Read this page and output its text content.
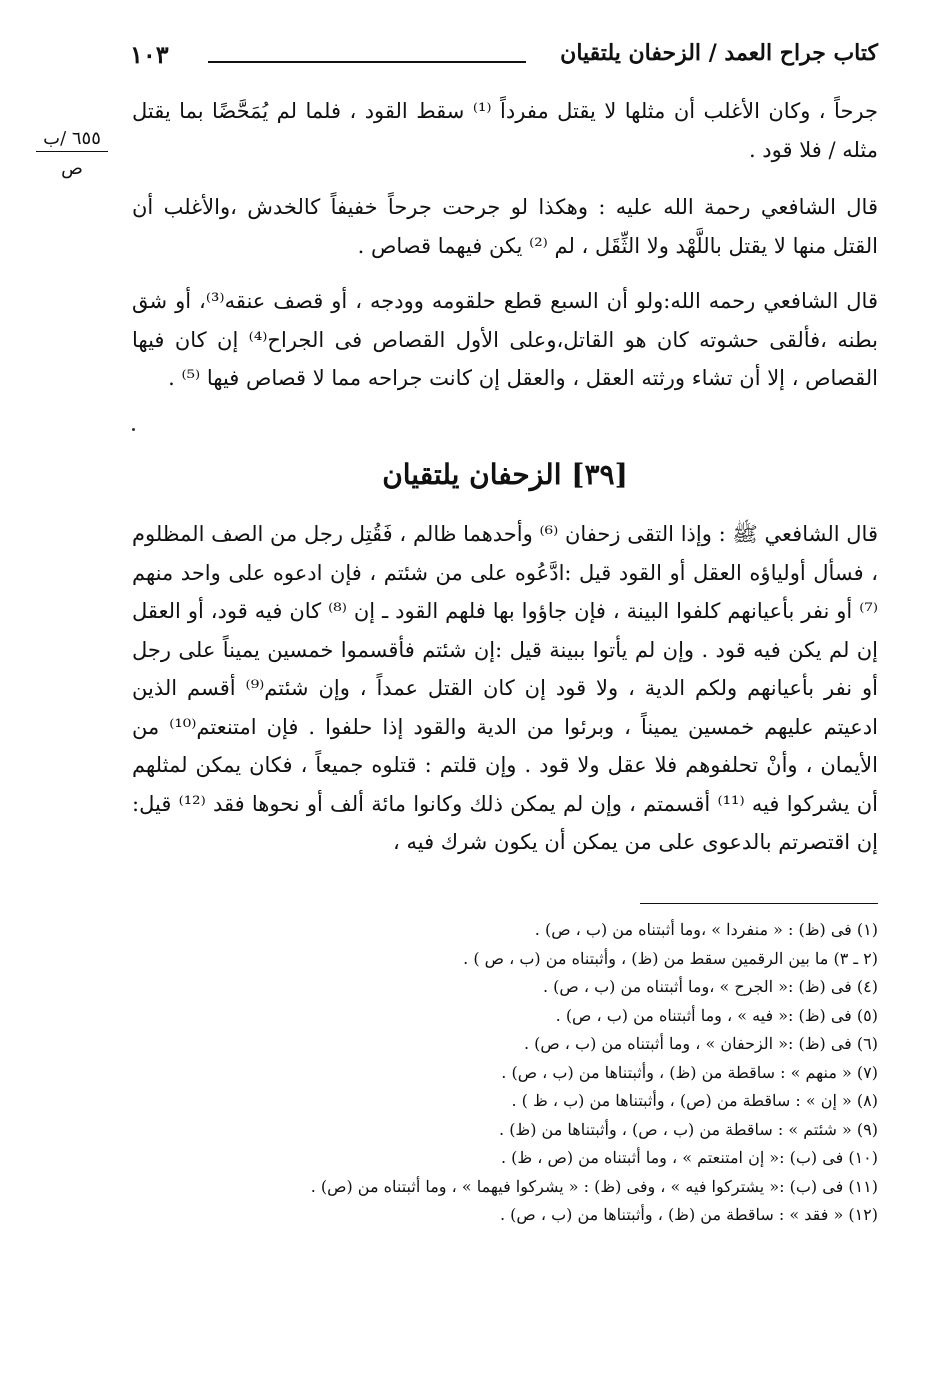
كتاب جراح العمد / الزحفان يلتقيان
١٠٣
٦٥٥ /ب
ص

جرحاً ، وكان الأغلب أن مثلها لا يقتل مفرداً ⁽¹⁾ سقط القود ، فلما لم يُمَحَّضًا بما يقتل مثله / فلا قود .

قال الشافعي رحمة الله عليه : وهكذا لو جرحت جرحاً خفيفاً كالخدش ،والأغلب أن القتل منها لا يقتل باللَّهْد ولا الثِّقَل ، لم ⁽²⁾ يكن فيهما قصاص .

قال الشافعي رحمه الله:ولو أن السبع قطع حلقومه وودجه ، أو قصف عنقه⁽³⁾، أو شق بطنه ،فألقى حشوته كان هو القاتل،وعلى الأول القصاص فى الجراح⁽⁴⁾ إن كان فيها القصاص ، إلا أن تشاء ورثته العقل ، والعقل إن كانت جراحه مما لا قصاص فيها ⁽⁵⁾ .

[٣٩] الزحفان يلتقيان

قال الشافعي ﷺ : وإذا التقى زحفان ⁽⁶⁾ وأحدهما ظالم ، فَقُتِل رجل من الصف المظلوم ، فسأل أولياؤه العقل أو القود قيل :ادَّعُوه على من شئتم ، فإن ادعوه على واحد منهم ⁽⁷⁾ أو نفر بأعيانهم كلفوا البينة ، فإن جاؤوا بها فلهم القود ـ إن ⁽⁸⁾ كان فيه قود، أو العقل إن لم يكن فيه قود . وإن لم يأتوا ببينة قيل :إن شئتم فأقسموا خمسين يميناً على رجل أو نفر بأعيانهم ولكم الدية ، ولا قود إن كان القتل عمداً ، وإن شئتم⁽⁹⁾ أقسم الذين ادعيتم عليهم خمسين يميناً ، وبرئوا من الدية والقود إذا حلفوا . فإن امتنعتم⁽¹⁰⁾ من الأيمان ، وأنْ تحلفوهم فلا عقل ولا قود . وإن قلتم : قتلوه جميعاً ، فكان يمكن لمثلهم أن يشركوا فيه ⁽¹¹⁾ أقسمتم ، وإن لم يمكن ذلك وكانوا مائة ألف أو نحوها فقد ⁽¹²⁾ قيل: إن اقتصرتم بالدعوى على من يمكن أن يكون شرك فيه ،

(١) فى (ظ) : « منفردا » ،وما أثبتناه من (ب ، ص) .
(٢ ـ ٣) ما بين الرقمين سقط من (ظ) ، وأثبتناه من (ب ، ص ) .
(٤) فى (ظ) :« الجرح » ،وما أثبتناه من (ب ، ص) .
(٥) فى (ظ) :« فيه » ، وما أثبتناه من (ب ، ص) .
(٦) فى (ظ) :« الزحفان » ، وما أثبتناه من (ب ، ص) .
(٧) « منهم » : ساقطة من (ظ) ، وأثبتناها من (ب ، ص) .
(٨) « إن » : ساقطة من (ص) ، وأثبتناها من (ب ، ظ ) .
(٩) « شئتم » : ساقطة من (ب ، ص) ، وأثبتناها من (ظ) .
(١٠) فى (ب) :« إن امتنعتم » ، وما أثبتناه من (ص ، ظ) .
(١١) فى (ب) :« يشتركوا فيه » ، وفى (ظ) : « يشركوا فيهما » ، وما أثبتناه من (ص) .
(١٢) « فقد » : ساقطة من (ظ) ، وأثبتناها من (ب ، ص) .
